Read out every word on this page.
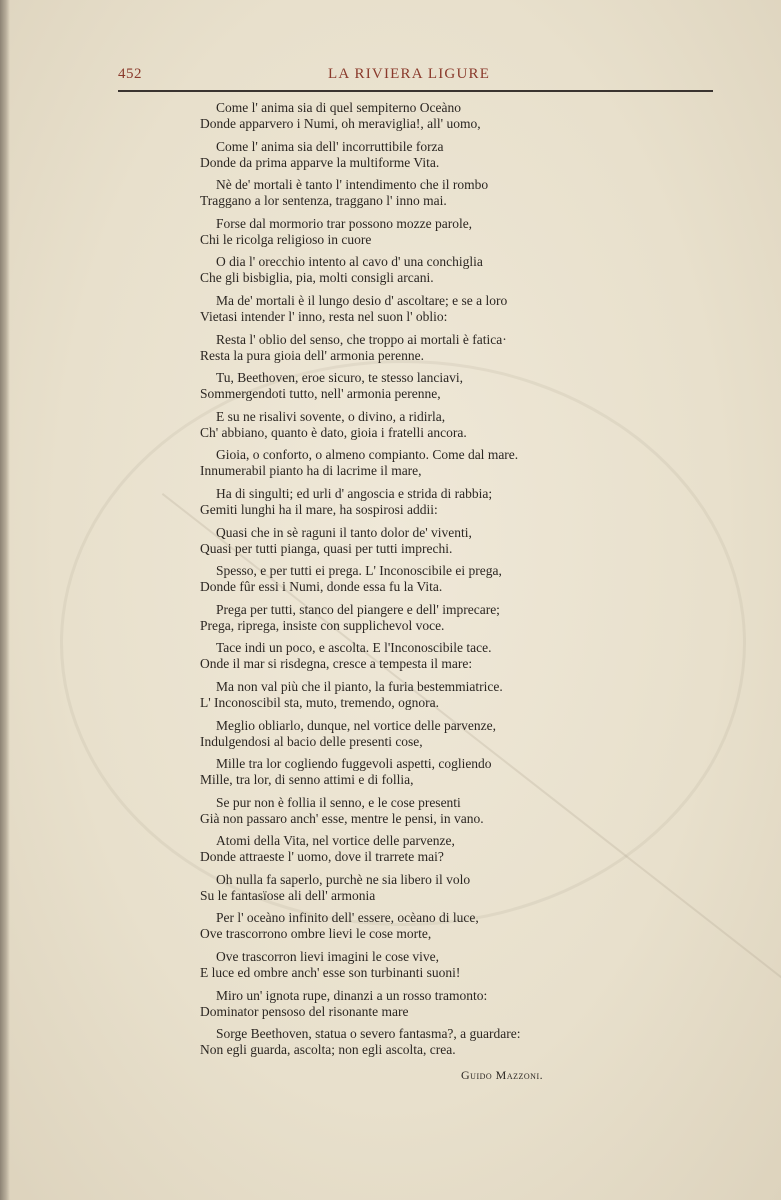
452	LA RIVIERA LIGURE
Come l' anima sia di quel sempiterno Oceàno
Donde apparvero i Numi, oh meraviglia!, all' uomo,
Come l' anima sia dell' incorruttibile forza
Donde da prima apparve la multiforme Vita.
Nè de' mortali è tanto l' intendimento che il rombo
Traggano a lor sentenza, traggano l' inno mai.
Forse dal mormorio trar possono mozze parole,
Chi le ricolga religioso in cuore
O dia l' orecchio intento al cavo d' una conchiglia
Che gli bisbiglia, pia, molti consigli arcani.
Ma de' mortali è il lungo desio d' ascoltare; e se a loro
Vietasi intender l' inno, resta nel suon l' oblio:
Resta l' oblio del senso, che troppo ai mortali è fatica·
Resta la pura gioia dell' armonia perenne.
Tu, Beethoven, eroe sicuro, te stesso lanciavi,
Sommergendoti tutto, nell' armonia perenne,
E su ne risalivi sovente, o divino, a ridirla,
Ch' abbiano, quanto è dato, gioia i fratelli ancora.
Gioia, o conforto, o almeno compianto. Come dal mare.
Innumerabil pianto ha di lacrime il mare,
Ha di singulti; ed urli d' angoscia e strida di rabbia;
Gemiti lunghi ha il mare, ha sospirosi addii:
Quasi che in sè raguni il tanto dolor de' viventi,
Quasi per tutti pianga, quasi per tutti imprechi.
Spesso, e per tutti ei prega. L' Inconoscibile ei prega,
Donde fûr essi i Numi, donde essa fu la Vita.
Prega per tutti, stanco del piangere e dell' imprecare;
Prega, riprega, insiste con supplichevol voce.
Tace indi un poco, e ascolta. E l'Inconoscibile tace.
Onde il mar si risdegna, cresce a tempesta il mare:
Ma non val più che il pianto, la furia bestemmiatrice.
L' Inconoscibil sta, muto, tremendo, ognora.
Meglio obliarlo, dunque, nel vortice delle parvenze,
Indulgendosi al bacio delle presenti cose,
Mille tra lor cogliendo fuggevoli aspetti, cogliendo
Mille, tra lor, di senno attimi e di follia,
Se pur non è follia il senno, e le cose presenti
Già non passaro anch' esse, mentre le pensi, in vano.
Atomi della Vita, nel vortice delle parvenze,
Donde attraeste l' uomo, dove il trarrete mai?
Oh nulla fa saperlo, purchè ne sia libero il volo
Su le fantasïose ali dell' armonia
Per l' oceàno infinito dell' essere, ocèano di luce,
Ove trascorrono ombre lievi le cose morte,
Ove trascorron lievi imagini le cose vive,
E luce ed ombre anch' esse son turbinanti suoni!
Miro un' ignota rupe, dinanzi a un rosso tramonto:
Dominator pensoso del risonante mare
Sorge Beethoven, statua o severo fantasma?, a guardare:
Non egli guarda, ascolta; non egli ascolta, crea.
Guido Mazzoni.
